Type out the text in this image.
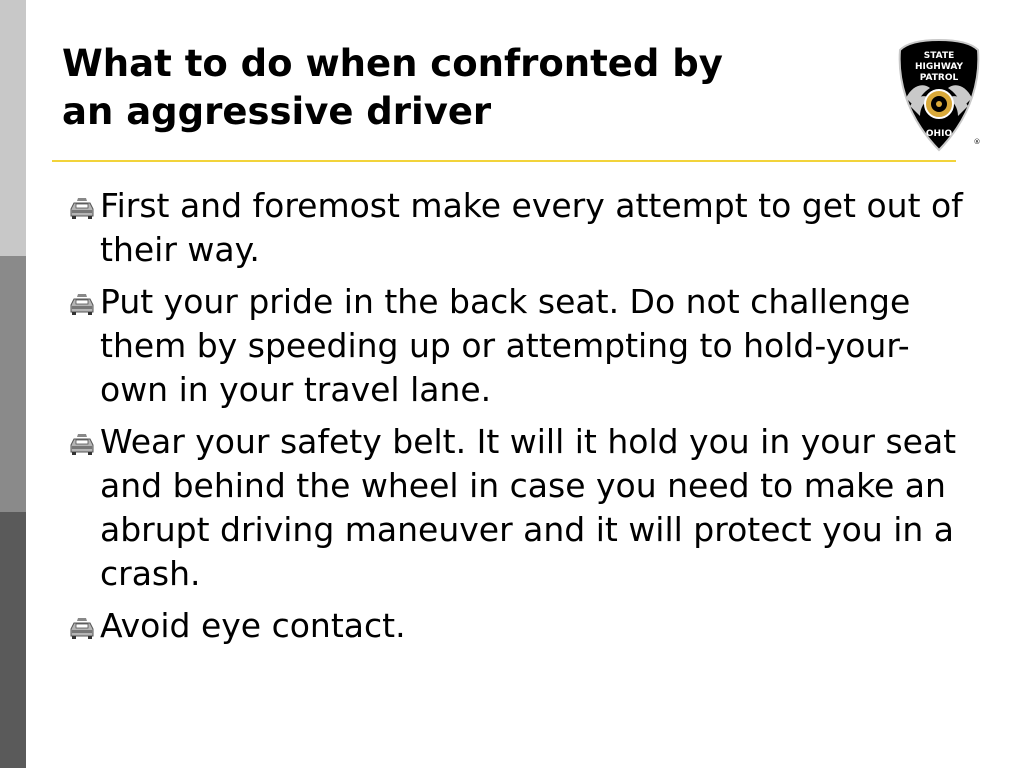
What to do when confronted by
an aggressive driver
STATE
HIGHWAY
PATROL
OHIO
®
First and foremost make every attempt to get out of their way.
Put your pride in the back seat. Do not challenge them by speeding up or attempting to hold-your-own in your travel lane.
Wear your safety belt. It will it hold you in your seat and behind the wheel in case you need to make an abrupt driving maneuver and it will protect you in a crash.
Avoid eye contact.
